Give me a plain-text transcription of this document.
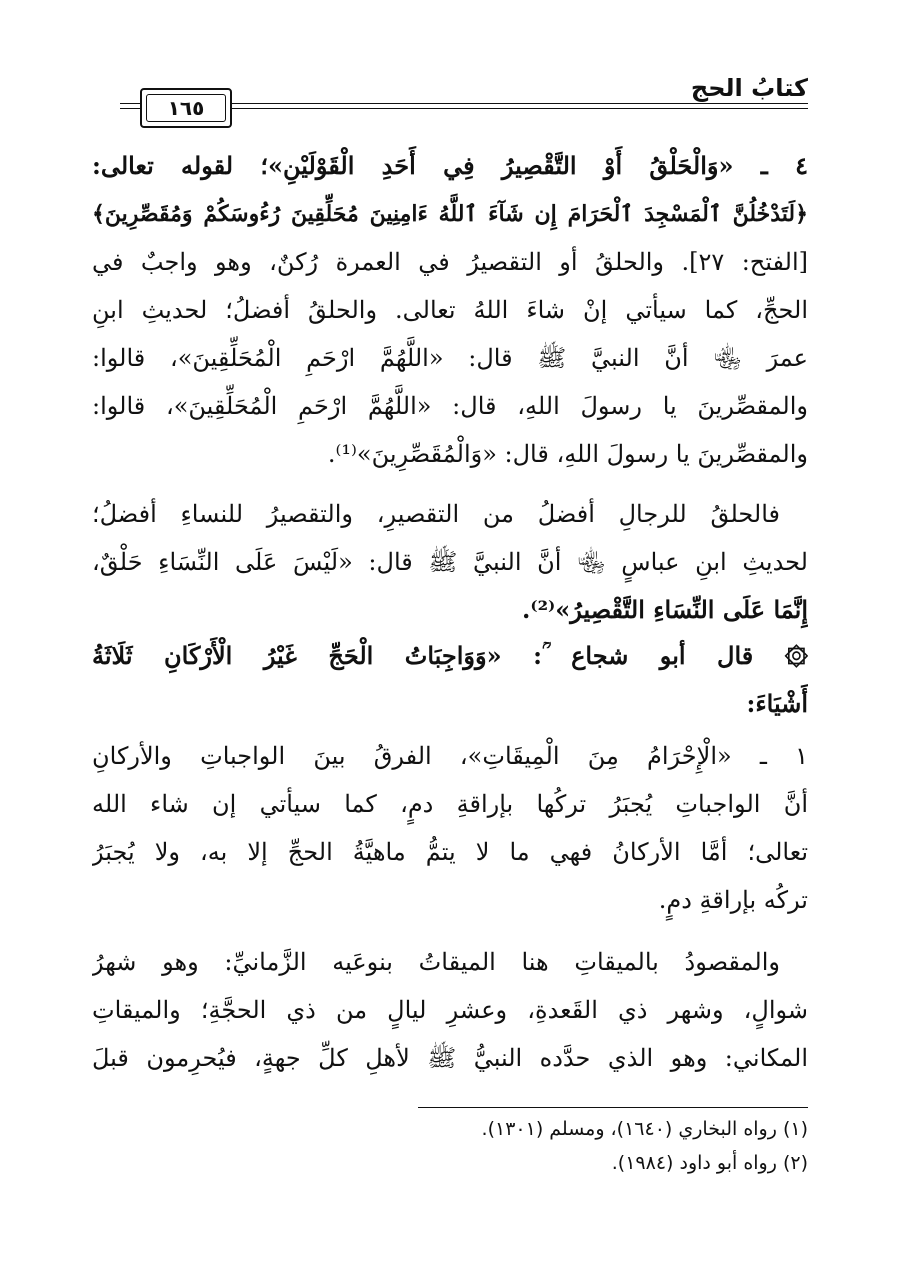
كتابُ الحج
١٦٥
٤ ـ «وَالْحَلْقُ أَوْ التَّقْصِيرُ فِي أَحَدِ الْقَوْلَيْنِ»؛ لقوله تعالى:
﴿لَتَدْخُلُنَّ ٱلْمَسْجِدَ ٱلْحَرَامَ إِن شَآءَ ٱللَّهُ ءَامِنِينَ مُحَلِّقِينَ رُءُوسَكُمْ وَمُقَصِّرِينَ﴾
[الفتح: ٢٧]. والحلقُ أو التقصيرُ في العمرة رُكنٌ، وهو واجبٌ في
الحجِّ، كما سيأتي إنْ شاءَ اللهُ تعالى. والحلقُ أفضلُ؛ لحديثِ ابنِ
عمرَ ﵄ أنَّ النبيَّ ﷺ قال: «اللَّهُمَّ ارْحَمِ الْمُحَلِّقِينَ»، قالوا:
والمقصِّرينَ يا رسولَ اللهِ، قال: «اللَّهُمَّ ارْحَمِ الْمُحَلِّقِينَ»، قالوا:
والمقصِّرينَ يا رسولَ اللهِ، قال: «وَالْمُقَصِّرِينَ»⁽¹⁾.
فالحلقُ للرجالِ أفضلُ من التقصيرِ، والتقصيرُ للنساءِ أفضلُ؛
لحديثِ ابنِ عباسٍ ﵄ أنَّ النبيَّ ﷺ قال: «لَيْسَ عَلَى النِّسَاءِ حَلْقٌ،
إِنَّمَا عَلَى النِّسَاءِ التَّقْصِيرُ»⁽²⁾.
۞ قال أبو شجاع ؒ: «وَوَاجِبَاتُ الْحَجِّ غَيْرُ الْأَرْكَانِ ثَلَاثَةُ
أَشْيَاءَ:
١ ـ «الْإِحْرَامُ مِنَ الْمِيقَاتِ»، الفرقُ بينَ الواجباتِ والأركانِ
أنَّ الواجباتِ يُجبَرُ تركُها بإراقةِ دمٍ، كما سيأتي إن شاء الله
تعالى؛ أمَّا الأركانُ فهي ما لا يتمُّ ماهيَّةُ الحجِّ إلا به، ولا يُجبَرُ
تركُه بإراقةِ دمٍ.
والمقصودُ بالميقاتِ هنا الميقاتُ بنوعَيه الزَّمانيِّ: وهو شهرُ
شوالٍ، وشهر ذي القَعدةِ، وعشرِ ليالٍ من ذي الحجَّةِ؛ والميقاتِ
المكاني: وهو الذي حدَّده النبيُّ ﷺ لأهلِ كلِّ جهةٍ، فيُحرِمون قبلَ
(١) رواه البخاري (١٦٤٠)، ومسلم (١٣٠١).
(٢) رواه أبو داود (١٩٨٤).
